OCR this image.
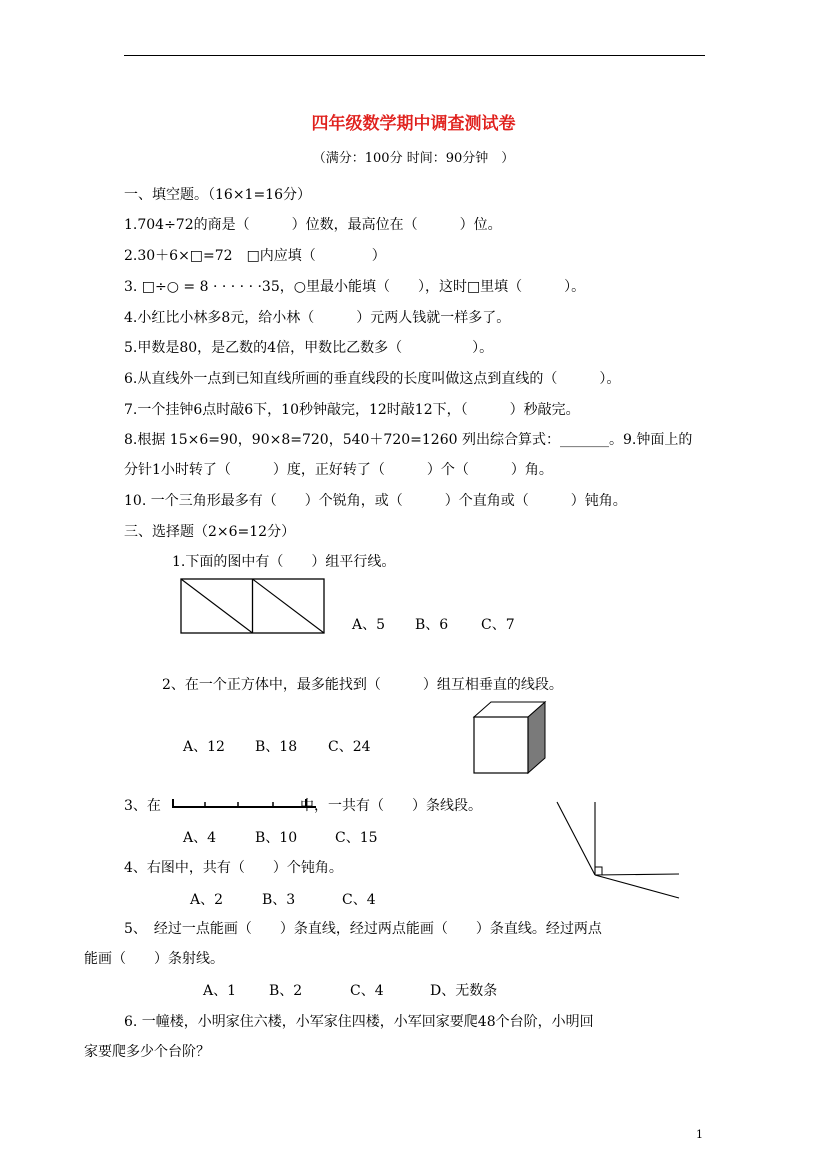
四年级数学期中调查测试卷
（满分：100分 时间：90分钟　）
一、填空题。（16×1=16分）
1.704÷72的商是（　　　）位数，最高位在（　　　）位。
2.30＋6×□=72　□内应填（　　　　）
3. □÷○ = 8 · · · · · ·35，○里最小能填（　　），这时□里填（　　　）。
4.小红比小林多8元，给小林（　　　）元两人钱就一样多了。
5.甲数是80，是乙数的4倍，甲数比乙数多（　　　　　）。
6.从直线外一点到已知直线所画的垂直线段的长度叫做这点到直线的（　　　）。
7.一个挂钟6点时敲6下，10秒钟敲完，12时敲12下，（　　　）秒敲完。
8.根据 15×6=90，90×8=720，540＋720=1260 列出综合算式：_______。9.钟面上的
分针1小时转了（　　　）度，正好转了（　　　）个（　　　）角。
10. 一个三角形最多有（　　）个锐角，或（　　　）个直角或（　　　）钝角。
三、选择题（2×6=12分）
1.下面的图中有（　　）组平行线。
A、5 B、6 C、7
2、在一个正方体中，最多能找到（　　　）组互相垂直的线段。
A、12 B、18 C、24
3、在	中，一共有（　　）条线段。
A、4	B、10	C、15
4、右图中，共有（　　）个钝角。
A、2	B、3	C、4
5、　经过一点能画（　　）条直线，经过两点能画（　　）条直线。经过两点
能画（　　）条射线。
A、1 B、2	C、4	D、无数条
6. 一幢楼，小明家住六楼，小军家住四楼，小军回家要爬48个台阶，小明回
家要爬多少个台阶？
1
